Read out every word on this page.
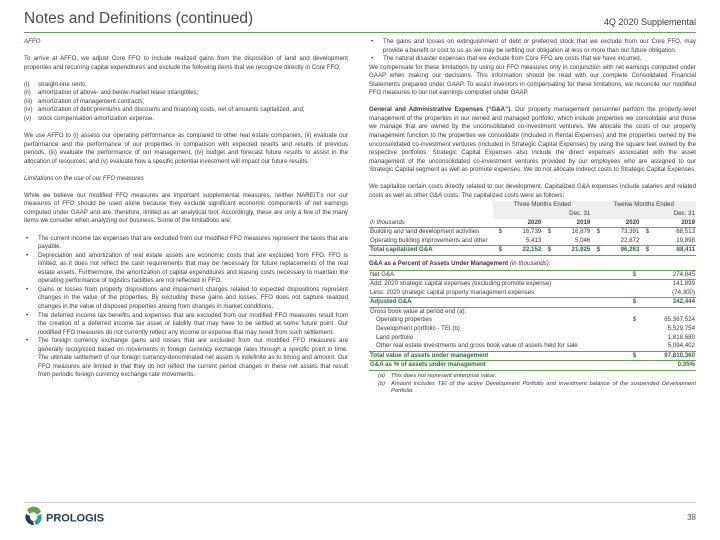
Notes and Definitions (continued)	4Q 2020 Supplemental

AFFO

To arrive at AFFO, we adjust Core FFO to include realized gains from the disposition of land and development properties and recurring capital expenditures and exclude the following items that we recognize directly in Core FFO:

(i) straight-line rents;
(ii) amortization of above- and below-market lease intangibles;
(iii) amortization of management contracts;
(iv) amortization of debt premiums and discounts and financing costs, net of amounts capitalized, and;
(v) stock compensation amortization expense.

We use AFFO to (i) assess our operating performance as compared to other real estate companies, (ii) evaluate our performance and the performance of our properties in comparison with expected results and results of previous periods, (iii) evaluate the performance of our management, (iv) budget and forecast future results to assist in the allocation of resources, and (v) evaluate how a specific potential investment will impact our future results.

Limitations on the use of our FFO measures

While we believe our modified FFO measures are important supplemental measures, neither NAREIT's nor our measures of FFO should be used alone because they exclude significant economic components of net earnings computed under GAAP and are, therefore, limited as an analytical tool. Accordingly, these are only a few of the many items we consider when analyzing our business. Some of the limitations are:

• The current income tax expenses that are excluded from our modified FFO measures represent the taxes that are payable.
• Depreciation and amortization of real estate assets are economic costs that are excluded from FFO. FFO is limited, as it does not reflect the cash requirements that may be necessary for future replacements of the real estate assets. Furthermore, the amortization of capital expenditures and leasing costs necessary to maintain the operating performance of logistics facilities are not reflected in FFO.
• Gains or losses from property dispositions and impairment charges related to expected dispositions represent changes in the value of the properties. By excluding these gains and losses, FFO does not capture realized changes in the value of disposed properties arising from changes in market conditions.
• The deferred income tax benefits and expenses that are excluded from our modified FFO measures result from the creation of a deferred income tax asset or liability that may have to be settled at some future point. Our modified FFO measures do not currently reflect any income or expense that may result from such settlement.
• The foreign currency exchange gains and losses that are excluded from our modified FFO measures are generally recognized based on movements in foreign currency exchange rates through a specific point in time. The ultimate settlement of our foreign currency-denominated net assets is indefinite as to timing and amount. Our FFO measures are limited in that they do not reflect the current period changes in these net assets that result from periodic foreign currency exchange rate movements.
• The gains and losses on extinguishment of debt or preferred stock that we exclude from our Core FFO, may provide a benefit or cost to us as we may be settling our obligation at less or more than our future obligation.
• The natural disaster expenses that we exclude from Core FFO are costs that we have incurred.

We compensate for these limitations by using our FFO measures only in conjunction with net earnings computed under GAAP when making our decisions. This information should be read with our complete Consolidated Financial Statements prepared under GAAP. To assist investors in compensating for these limitations, we reconcile our modified FFO measures to our net earnings computed under GAAP.

General and Administrative Expenses (“G&A”). Our property management personnel perform the property-level management of the properties in our owned and managed portfolio, which include properties we consolidate and those we manage that are owned by the unconsolidated co-investment ventures. We allocate the costs of our property management function to the properties we consolidate (included in Rental Expenses) and the properties owned by the unconsolidated co-investment ventures (included in Strategic Capital Expenses) by using the square feet owned by the respective portfolios. Strategic Capital Expenses also include the direct expenses associated with the asset management of the unconsolidated co-investment ventures provided by our employees who are assigned to our Strategic Capital segment as well as promote expenses. We do not allocate indirect costs to Strategic Capital Expenses.

We capitalize certain costs directly related to our development. Capitalized G&A expenses include salaries and related costs as well as other G&A costs. The capitalized costs were as follows:

	Three Months Ended				Twelve Months Ended			
	Dec. 31				Dec. 31			
in thousands	2020		2019		2020		2019	
Building and land development activities	$	16,739	$	16,879	$	73,391	$	68,513
Operating building improvements and other		5,413		5,046		22,872		19,898
Total capitalized G&A	$	22,152	$	21,925	$	96,263	$	88,411

G&A as a Percent of Assets Under Management (in thousands):

Net G&A	$	274,845
Add: 2020 strategic capital expenses (excluding promote expense)		141,899
Less: 2020 strategic capital property management expenses		(74,300)
Adjusted G&A	$	342,444
Gross book value at period end (a):		
Operating properties	$	85,367,524
Development portfolio - TEI (b)		5,529,754
Land portfolio		1,818,680
Other real estate investments and gross book value of assets held for sale		5,094,402
Total value of assets under management	$	97,810,360
G&A as % of assets under management		0.35%
(a) This does not represent enterprise value.
(b) Amount includes TEI of the active Development Portfolio and investment balance of the suspended Development Portfolio.
PROLOGIS	38
